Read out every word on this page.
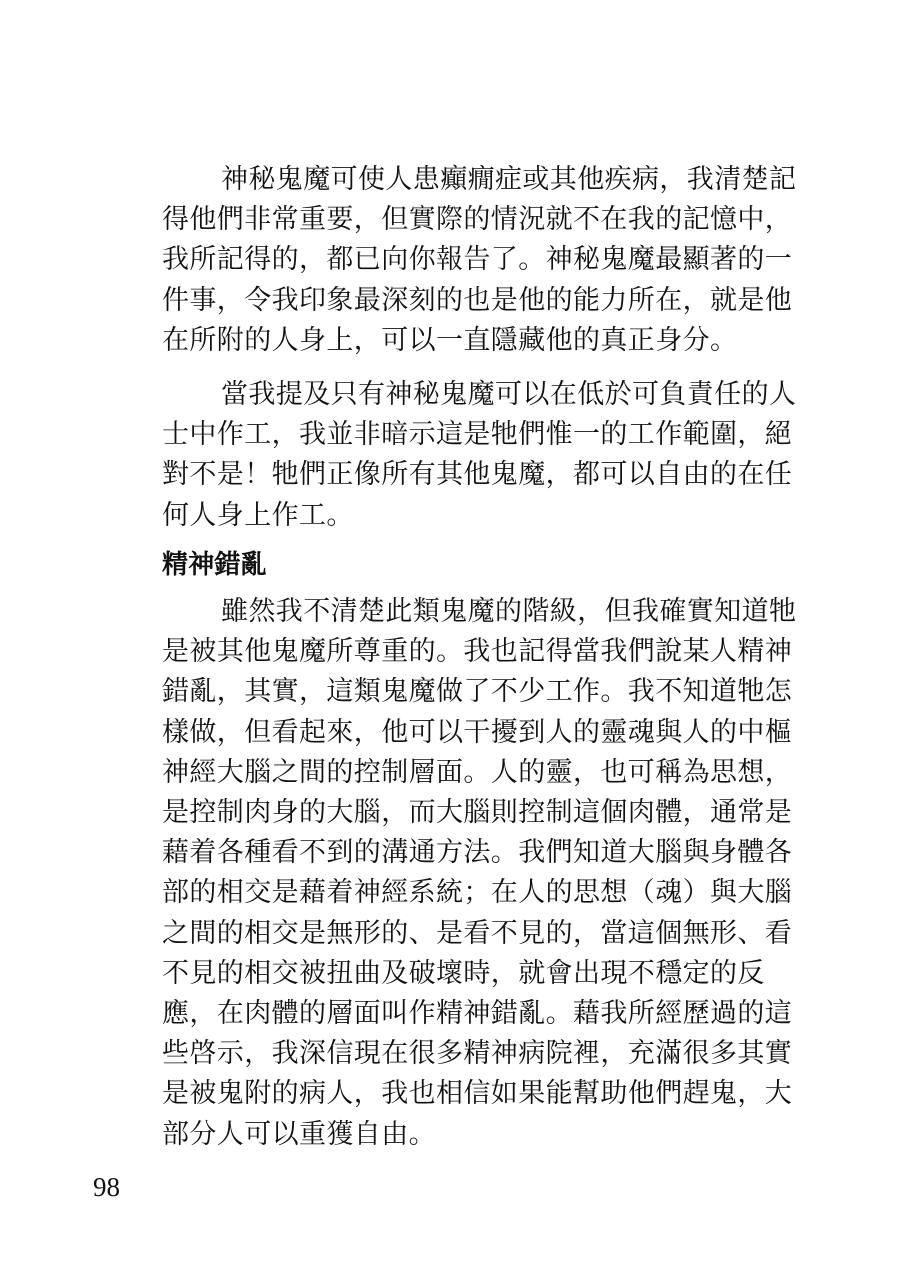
神秘鬼魔可使人患癲癇症或其他疾病，我清楚記
得他們非常重要，但實際的情況就不在我的記憶中，
我所記得的，都已向你報告了。神秘鬼魔最顯著的一
件事，令我印象最深刻的也是他的能力所在，就是他
在所附的人身上，可以一直隱藏他的真正身分。

當我提及只有神秘鬼魔可以在低於可負責任的人
士中作工，我並非暗示這是牠們惟一的工作範圍，絕
對不是！牠們正像所有其他鬼魔，都可以自由的在任
何人身上作工。

精神錯亂

雖然我不清楚此類鬼魔的階級，但我確實知道牠
是被其他鬼魔所尊重的。我也記得當我們說某人精神
錯亂，其實，這類鬼魔做了不少工作。我不知道牠怎
樣做，但看起來，他可以干擾到人的靈魂與人的中樞
神經大腦之間的控制層面。人的靈，也可稱為思想，
是控制肉身的大腦，而大腦則控制這個肉體，通常是
藉着各種看不到的溝通方法。我們知道大腦與身體各
部的相交是藉着神經系統；在人的思想（魂）與大腦
之間的相交是無形的、是看不見的，當這個無形、看
不見的相交被扭曲及破壞時，就會出現不穩定的反
應，在肉體的層面叫作精神錯亂。藉我所經歷過的這
些啓示，我深信現在很多精神病院裡，充滿很多其實
是被鬼附的病人，我也相信如果能幫助他們趕鬼，大
部分人可以重獲自由。

98
